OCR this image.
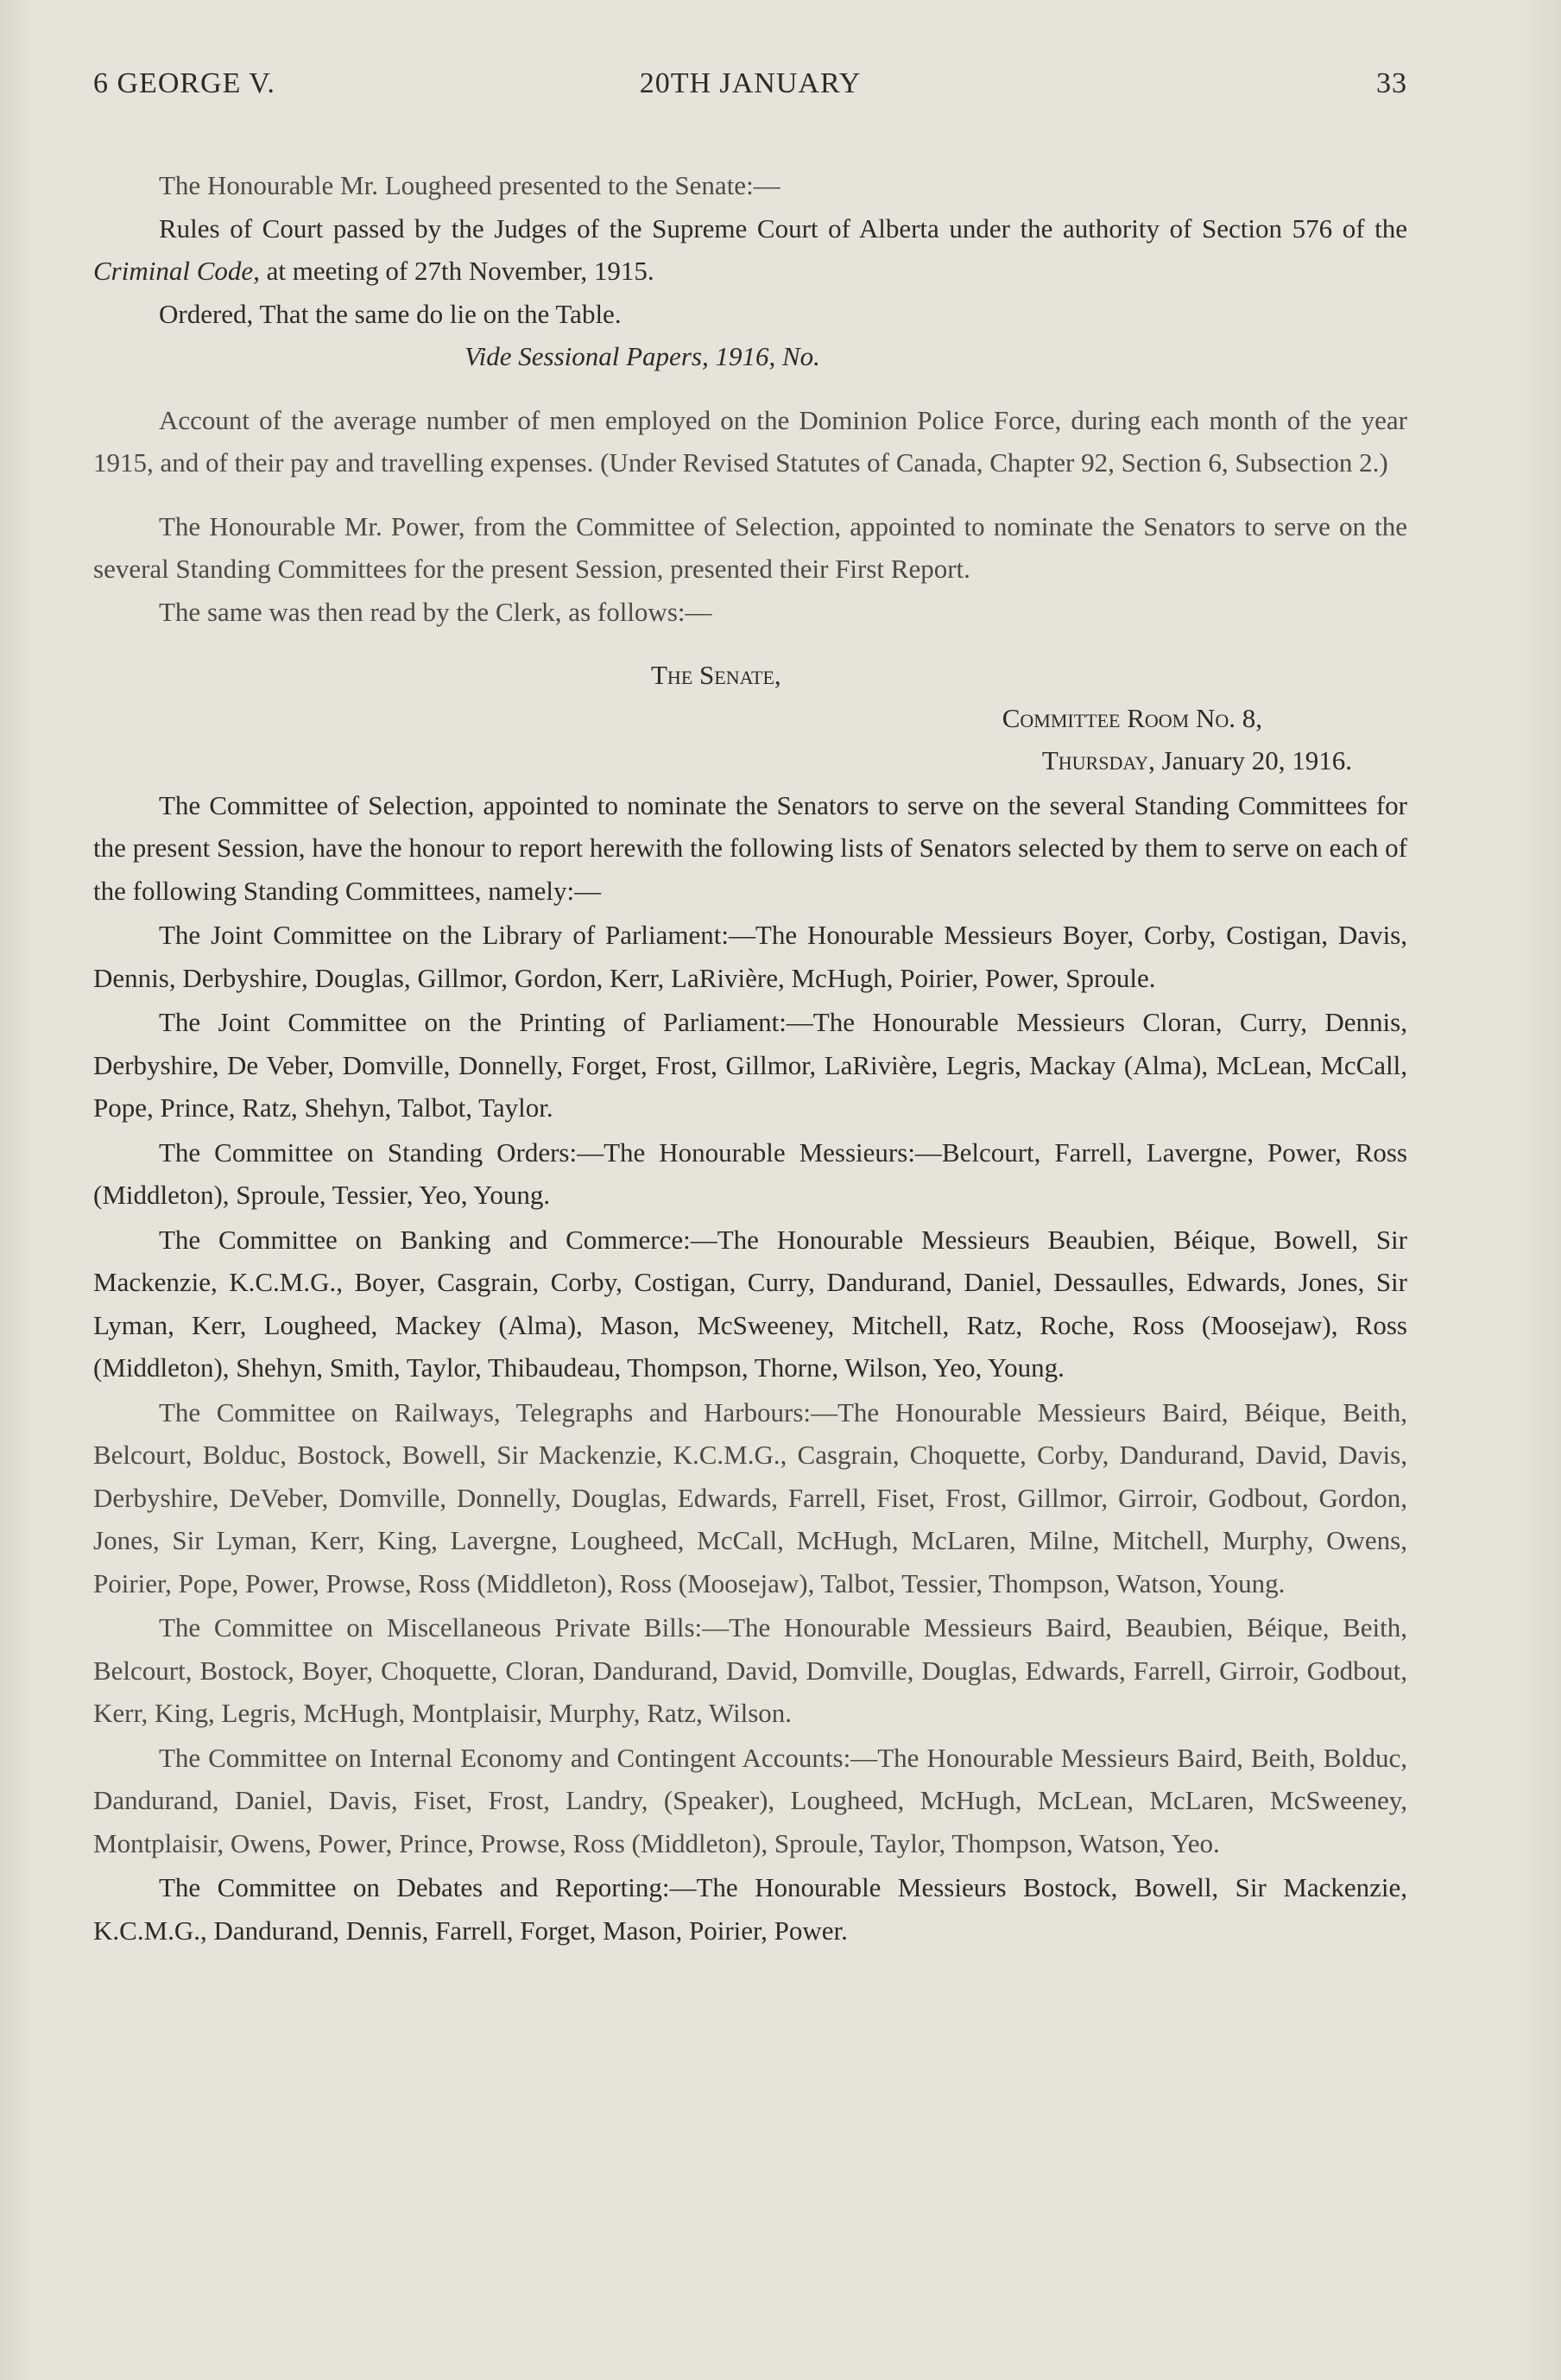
6 GEORGE V.	20TH JANUARY	33

The Honourable Mr. Lougheed presented to the Senate:—

Rules of Court passed by the Judges of the Supreme Court of Alberta under the authority of Section 576 of the Criminal Code, at meeting of 27th November, 1915.

Ordered, That the same do lie on the Table.

Vide Sessional Papers, 1916, No.

Account of the average number of men employed on the Dominion Police Force, during each month of the year 1915, and of their pay and travelling expenses. (Under Revised Statutes of Canada, Chapter 92, Section 6, Subsection 2.)

The Honourable Mr. Power, from the Committee of Selection, appointed to nominate the Senators to serve on the several Standing Committees for the present Session, presented their First Report.

The same was then read by the Clerk, as follows:—

The Senate,

Committee Room No. 8,

Thursday, January 20, 1916.

The Committee of Selection, appointed to nominate the Senators to serve on the several Standing Committees for the present Session, have the honour to report herewith the following lists of Senators selected by them to serve on each of the following Standing Committees, namely:—

The Joint Committee on the Library of Parliament:—The Honourable Messieurs Boyer, Corby, Costigan, Davis, Dennis, Derbyshire, Douglas, Gillmor, Gordon, Kerr, LaRivière, McHugh, Poirier, Power, Sproule.

The Joint Committee on the Printing of Parliament:—The Honourable Messieurs Cloran, Curry, Dennis, Derbyshire, De Veber, Domville, Donnelly, Forget, Frost, Gillmor, LaRivière, Legris, Mackay (Alma), McLean, McCall, Pope, Prince, Ratz, Shehyn, Talbot, Taylor.

The Committee on Standing Orders:—The Honourable Messieurs:—Belcourt, Farrell, Lavergne, Power, Ross (Middleton), Sproule, Tessier, Yeo, Young.

The Committee on Banking and Commerce:—The Honourable Messieurs Beaubien, Béique, Bowell, Sir Mackenzie, K.C.M.G., Boyer, Casgrain, Corby, Costigan, Curry, Dandurand, Daniel, Dessaulles, Edwards, Jones, Sir Lyman, Kerr, Lougheed, Mackey (Alma), Mason, McSweeney, Mitchell, Ratz, Roche, Ross (Moosejaw), Ross (Middleton), Shehyn, Smith, Taylor, Thibaudeau, Thompson, Thorne, Wilson, Yeo, Young.

The Committee on Railways, Telegraphs and Harbours:—The Honourable Messieurs Baird, Béique, Beith, Belcourt, Bolduc, Bostock, Bowell, Sir Mackenzie, K.C.M.G., Casgrain, Choquette, Corby, Dandurand, David, Davis, Derbyshire, DeVeber, Domville, Donnelly, Douglas, Edwards, Farrell, Fiset, Frost, Gillmor, Girroir, Godbout, Gordon, Jones, Sir Lyman, Kerr, King, Lavergne, Lougheed, McCall, McHugh, McLaren, Milne, Mitchell, Murphy, Owens, Poirier, Pope, Power, Prowse, Ross (Middleton), Ross (Moosejaw), Talbot, Tessier, Thompson, Watson, Young.

The Committee on Miscellaneous Private Bills:—The Honourable Messieurs Baird, Beaubien, Béique, Beith, Belcourt, Bostock, Boyer, Choquette, Cloran, Dandurand, David, Domville, Douglas, Edwards, Farrell, Girroir, Godbout, Kerr, King, Legris, McHugh, Montplaisir, Murphy, Ratz, Wilson.

The Committee on Internal Economy and Contingent Accounts:—The Honourable Messieurs Baird, Beith, Bolduc, Dandurand, Daniel, Davis, Fiset, Frost, Landry, (Speaker), Lougheed, McHugh, McLean, McLaren, McSweeney, Montplaisir, Owens, Power, Prince, Prowse, Ross (Middleton), Sproule, Taylor, Thompson, Watson, Yeo.

The Committee on Debates and Reporting:—The Honourable Messieurs Bostock, Bowell, Sir Mackenzie, K.C.M.G., Dandurand, Dennis, Farrell, Forget, Mason, Poirier, Power.
